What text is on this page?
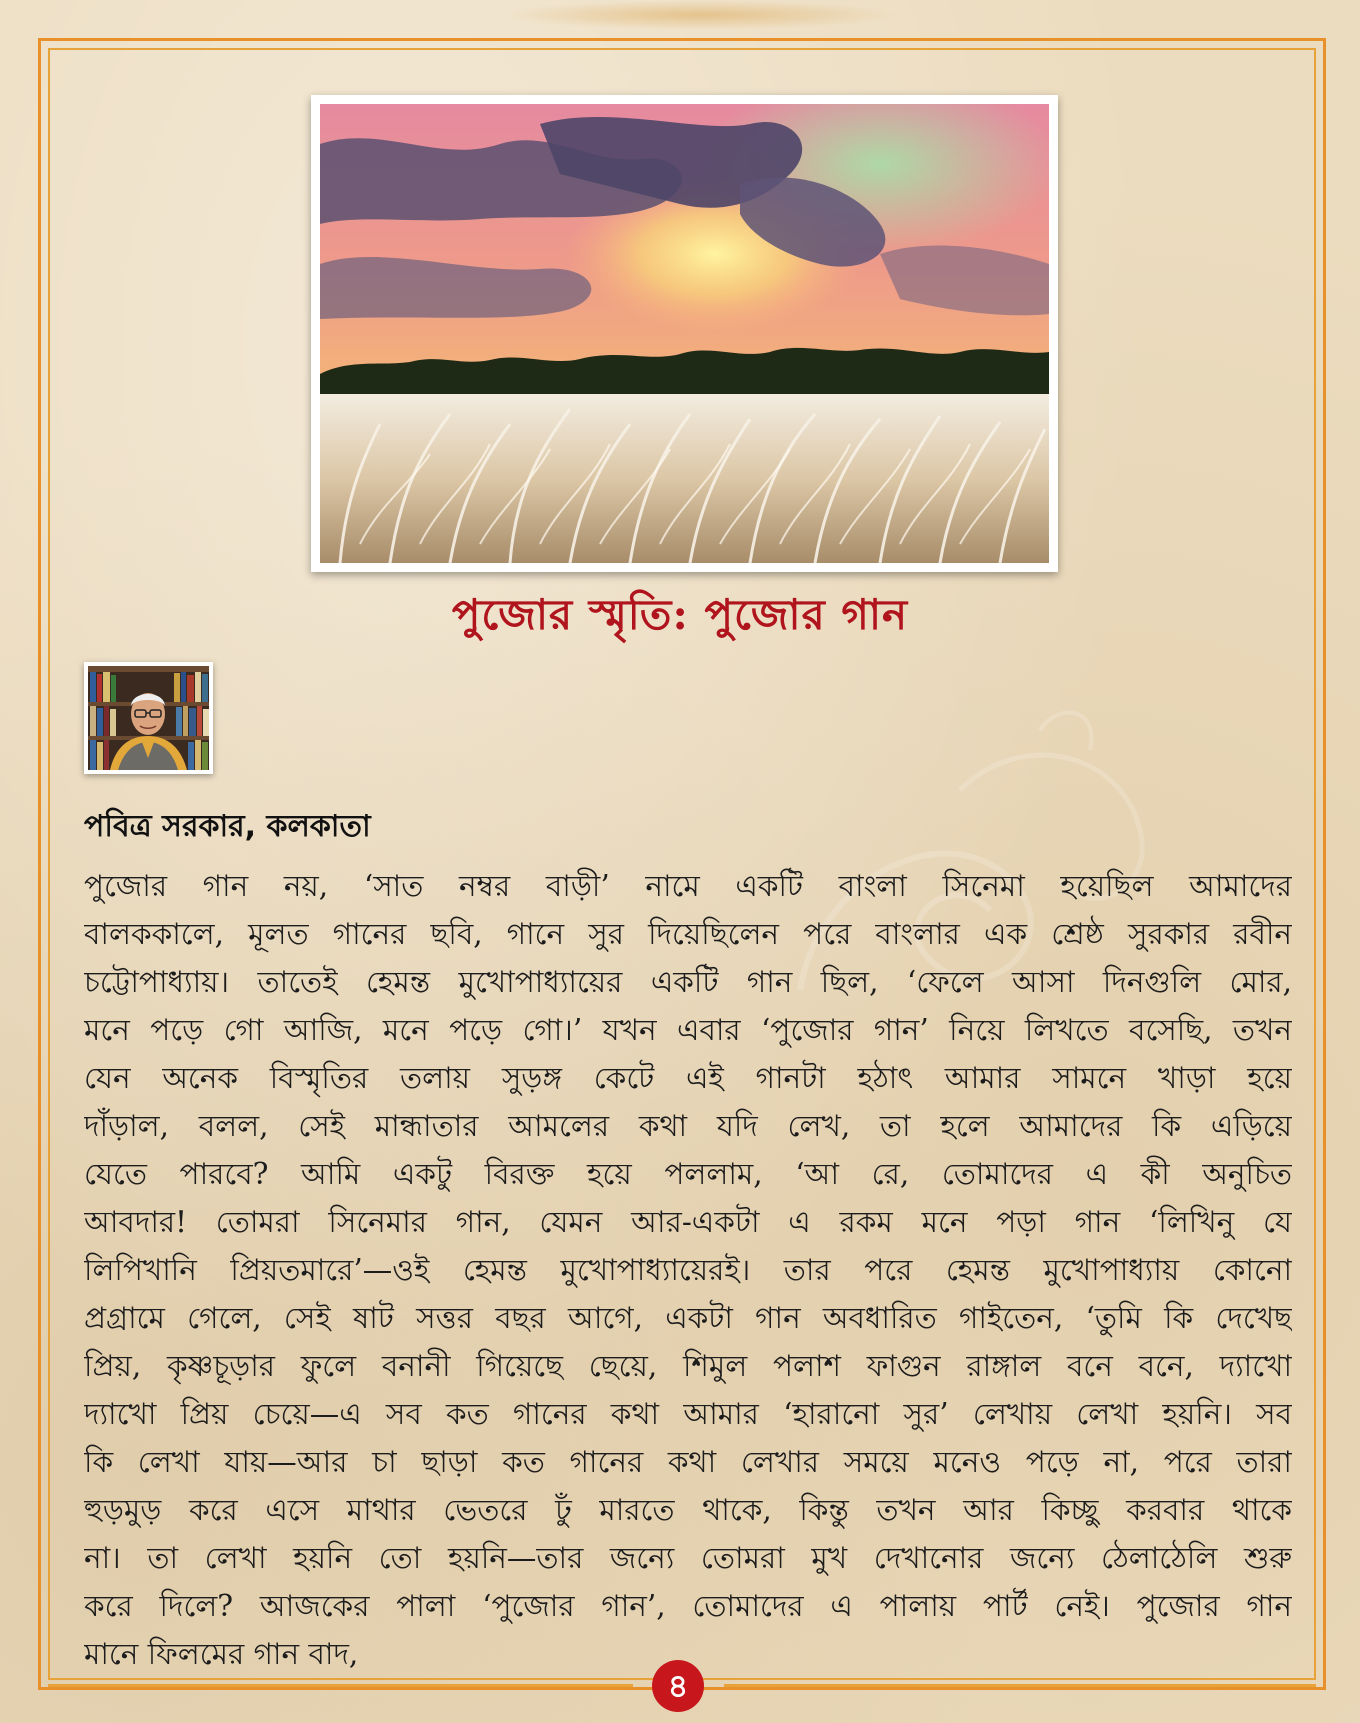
পুজোর স্মৃতি: পুজোর গান
পবিত্র সরকার, কলকাতা
পুজোর গান নয়, ‘সাত নম্বর বাড়ী’ নামে একটি বাংলা সিনেমা হয়েছিল আমাদের
বালককালে, মূলত গানের ছবি, গানে সুর দিয়েছিলেন পরে বাংলার এক শ্রেষ্ঠ সুরকার রবীন
চট্টোপাধ্যায়। তাতেই হেমন্ত মুখোপাধ্যায়ের একটি গান ছিল, ‘ফেলে আসা দিনগুলি মোর,
মনে পড়ে গো আজি, মনে পড়ে গো।’ যখন এবার ‘পুজোর গান’ নিয়ে লিখতে বসেছি, তখন
যেন অনেক বিস্মৃতির তলায় সুড়ঙ্গ কেটে এই গানটা হঠাৎ আমার সামনে খাড়া হয়ে
দাঁড়াল, বলল, সেই মান্ধাতার আমলের কথা যদি লেখ, তা হলে আমাদের কি এড়িয়ে
যেতে পারবে? আমি একটু বিরক্ত হয়ে পললাম, ‘আ রে, তোমাদের এ কী অনুচিত
আবদার! তোমরা সিনেমার গান, যেমন আর-একটা এ রকম মনে পড়া গান ‘লিখিনু যে
লিপিখানি প্রিয়তমারে’—ওই হেমন্ত মুখোপাধ্যায়েরই। তার পরে হেমন্ত মুখোপাধ্যায় কোনো
প্রগ্রামে গেলে, সেই ষাট সত্তর বছর আগে, একটা গান অবধারিত গাইতেন, ‘তুমি কি দেখেছ
প্রিয়, কৃষ্ণচূড়ার ফুলে বনানী গিয়েছে ছেয়ে, শিমুল পলাশ ফাগুন রাঙ্গাল বনে বনে, দ্যাখো
দ্যাখো প্রিয় চেয়ে—এ সব কত গানের কথা আমার ‘হারানো সুর’ লেখায় লেখা হয়নি। সব
কি লেখা যায়—আর চা ছাড়া কত গানের কথা লেখার সময়ে মনেও পড়ে না, পরে তারা
হুড়মুড় করে এসে মাথার ভেতরে ঢুঁ মারতে থাকে, কিন্তু তখন আর কিচ্ছু করবার থাকে
না। তা লেখা হয়নি তো হয়নি—তার জন্যে তোমরা মুখ দেখানোর জন্যে ঠেলাঠেলি শুরু
করে দিলে? আজকের পালা ‘পুজোর গান’, তোমাদের এ পালায় পার্ট নেই। পুজোর গান
মানে ফিলমের গান বাদ,
৪
